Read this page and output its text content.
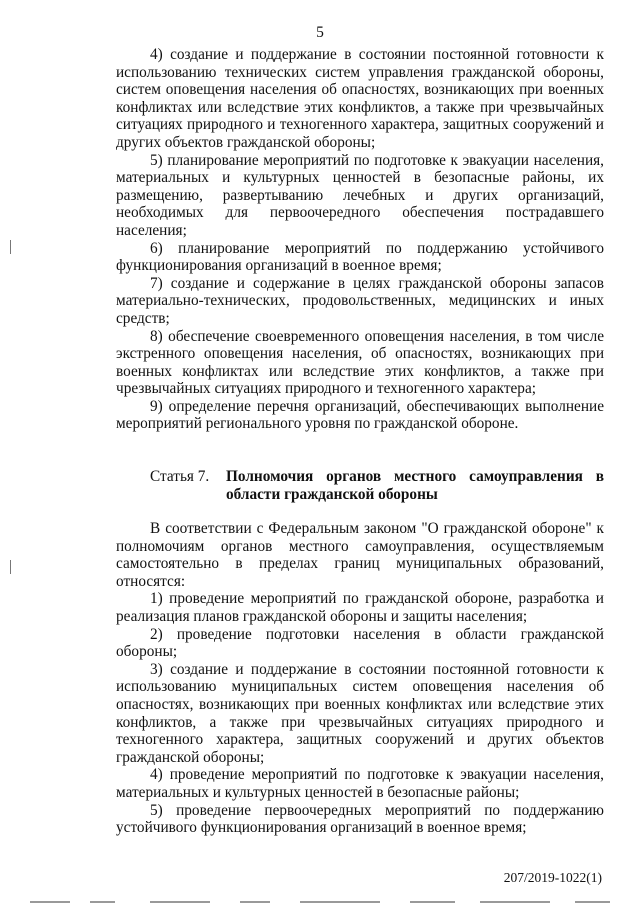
5

4) создание и поддержание в состоянии постоянной готовности к использованию технических систем управления гражданской обороны, систем оповещения населения об опасностях, возникающих при военных конфликтах или вследствие этих конфликтов, а также при чрезвычайных ситуациях природного и техногенного характера, защитных сооружений и других объектов гражданской обороны;

5) планирование мероприятий по подготовке к эвакуации населения, материальных и культурных ценностей в безопасные районы, их размещению, развертыванию лечебных и других организаций, необходимых для первоочередного обеспечения пострадавшего населения;

6) планирование мероприятий по поддержанию устойчивого функционирования организаций в военное время;

7) создание и содержание в целях гражданской обороны запасов материально-технических, продовольственных, медицинских и иных средств;

8) обеспечение своевременного оповещения населения, в том числе экстренного оповещения населения, об опасностях, возникающих при военных конфликтах или вследствие этих конфликтов, а также при чрезвычайных ситуациях природного и техногенного характера;

9) определение перечня организаций, обеспечивающих выполнение мероприятий регионального уровня по гражданской обороне.

Статья 7. Полномочия органов местного самоуправления в области гражданской обороны

В соответствии с Федеральным законом "О гражданской обороне" к полномочиям органов местного самоуправления, осуществляемым самостоятельно в пределах границ муниципальных образований, относятся:

1) проведение мероприятий по гражданской обороне, разработка и реализация планов гражданской обороны и защиты населения;

2) проведение подготовки населения в области гражданской обороны;

3) создание и поддержание в состоянии постоянной готовности к использованию муниципальных систем оповещения населения об опасностях, возникающих при военных конфликтах или вследствие этих конфликтов, а также при чрезвычайных ситуациях природного и техногенного характера, защитных сооружений и других объектов гражданской обороны;

4) проведение мероприятий по подготовке к эвакуации населения, материальных и культурных ценностей в безопасные районы;

5) проведение первоочередных мероприятий по поддержанию устойчивого функционирования организаций в военное время;

207/2019-1022(1)
